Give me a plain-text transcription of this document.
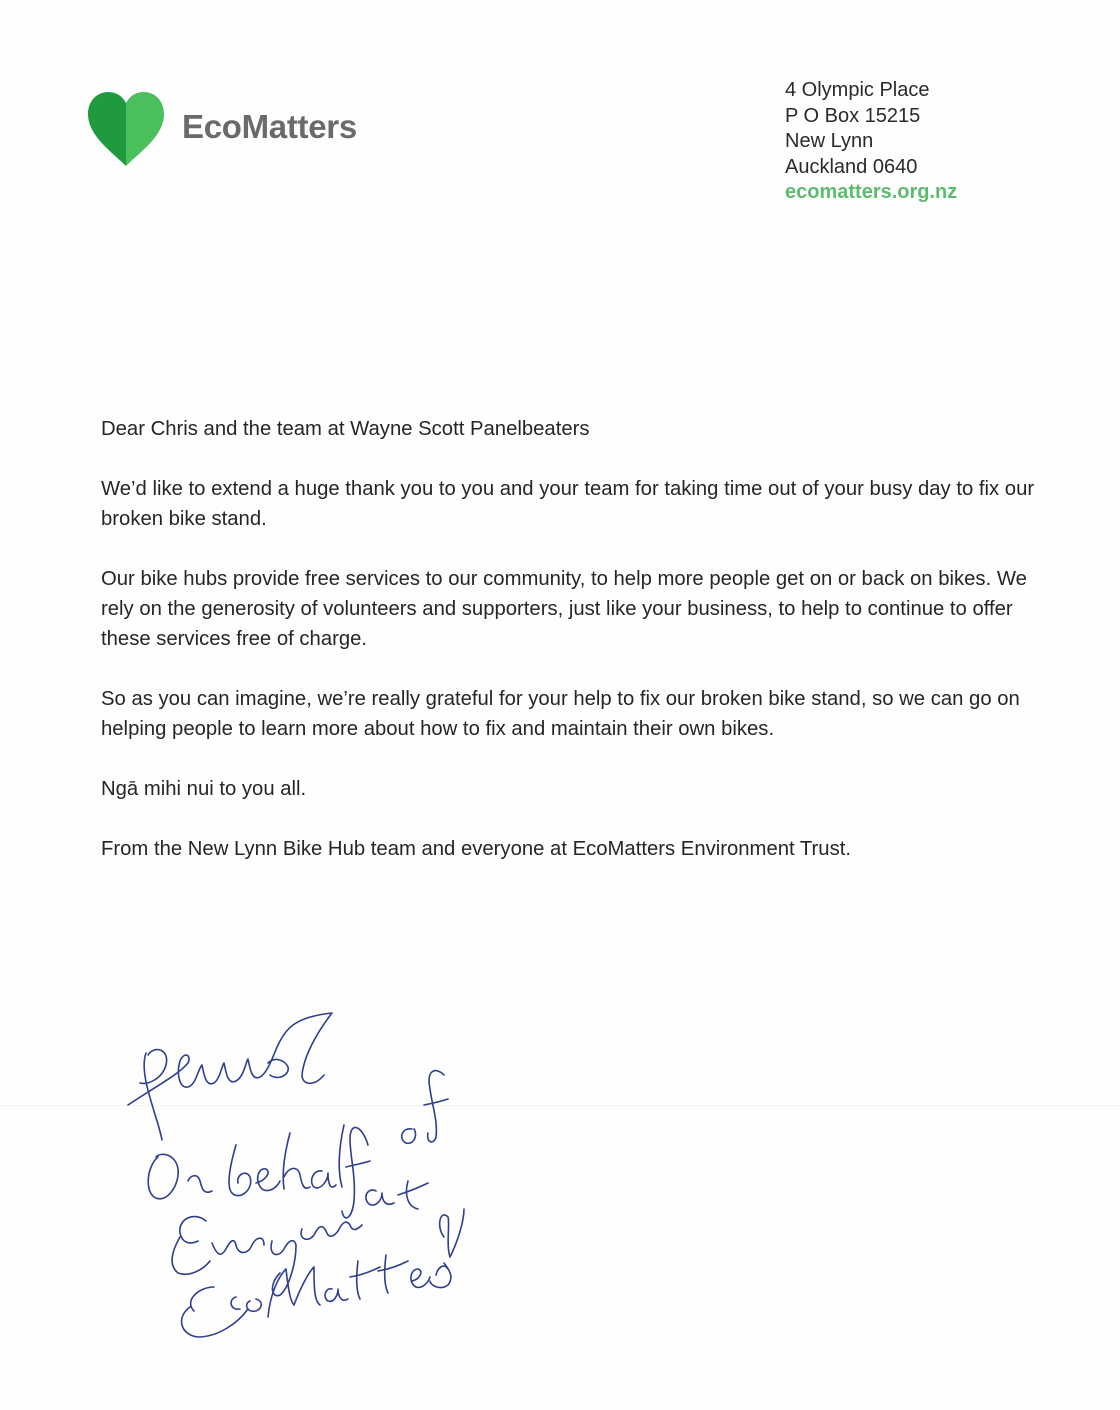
EcoMatters
4 Olympic Place
P O Box 15215
New Lynn
Auckland 0640
ecomatters.org.nz

Dear Chris and the team at Wayne Scott Panelbeaters

We’d like to extend a huge thank you to you and your team for taking time out of your busy day to fix our broken bike stand.

Our bike hubs provide free services to our community, to help more people get on or back on bikes. We rely on the generosity of volunteers and supporters, just like your business, to help to continue to offer these services free of charge.

So as you can imagine, we’re really grateful for your help to fix our broken bike stand, so we can go on helping people to learn more about how to fix and maintain their own bikes.

Ngā mihi nui to you all.

From the New Lynn Bike Hub team and everyone at EcoMatters Environment Trust.
